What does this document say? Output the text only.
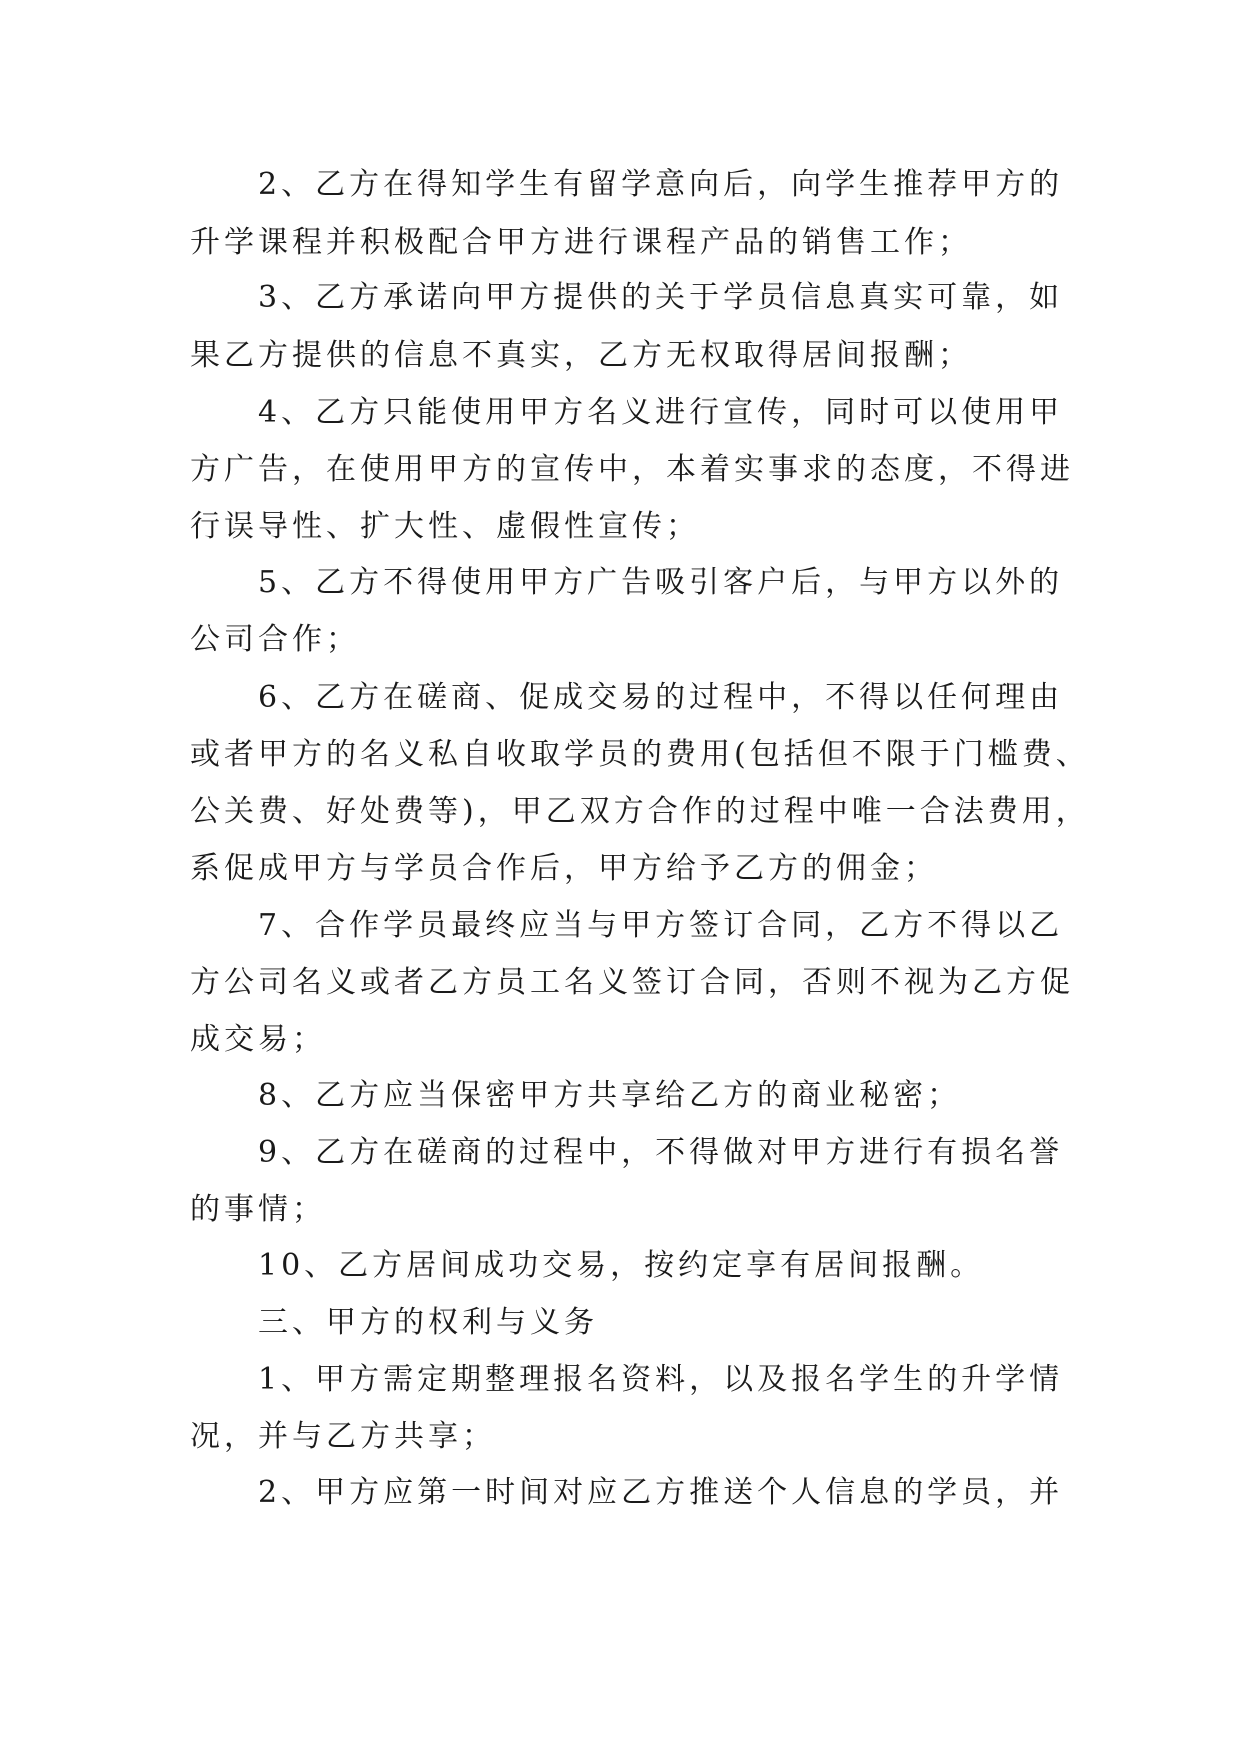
2、乙方在得知学生有留学意向后，向学生推荐甲方的
升学课程并积极配合甲方进行课程产品的销售工作；
3、乙方承诺向甲方提供的关于学员信息真实可靠，如
果乙方提供的信息不真实，乙方无权取得居间报酬；
4、乙方只能使用甲方名义进行宣传，同时可以使用甲
方广告，在使用甲方的宣传中，本着实事求的态度，不得进
行误导性、扩大性、虚假性宣传；
5、乙方不得使用甲方广告吸引客户后，与甲方以外的
公司合作；
6、乙方在磋商、促成交易的过程中，不得以任何理由
或者甲方的名义私自收取学员的费用(包括但不限于门槛费、
公关费、好处费等)，甲乙双方合作的过程中唯一合法费用，
系促成甲方与学员合作后，甲方给予乙方的佣金；
7、合作学员最终应当与甲方签订合同，乙方不得以乙
方公司名义或者乙方员工名义签订合同，否则不视为乙方促
成交易；
8、乙方应当保密甲方共享给乙方的商业秘密；
9、乙方在磋商的过程中，不得做对甲方进行有损名誉
的事情；
10、乙方居间成功交易，按约定享有居间报酬。
三、甲方的权利与义务
1、甲方需定期整理报名资料，以及报名学生的升学情
况，并与乙方共享；
2、甲方应第一时间对应乙方推送个人信息的学员，并
